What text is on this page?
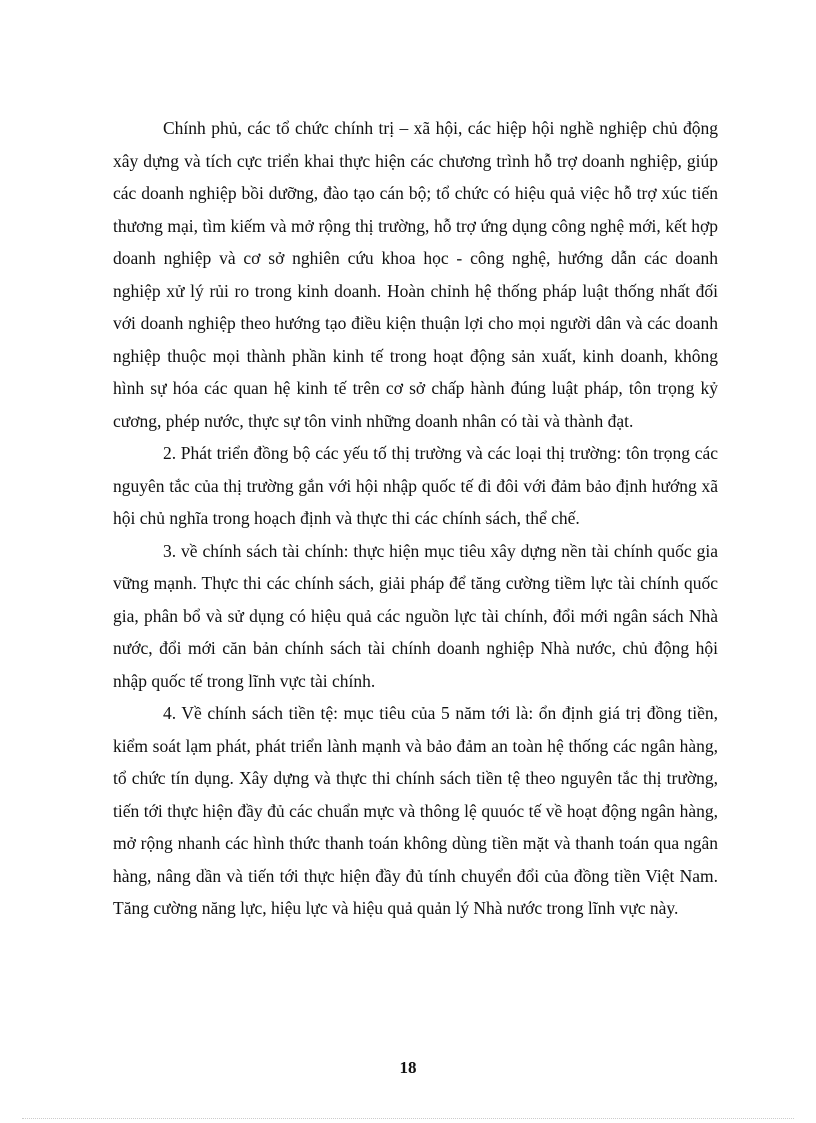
Chính phủ, các tổ chức chính trị – xã hội, các hiệp hội nghề nghiệp chủ động xây dựng và tích cực triển khai thực hiện các chương trình hỗ trợ doanh nghiệp, giúp các doanh nghiệp bồi dưỡng, đào tạo cán bộ; tổ chức có hiệu quả việc hỗ trợ xúc tiến thương mại, tìm kiếm và mở rộng thị trường, hỗ trợ ứng dụng công nghệ mới, kết hợp doanh nghiệp và cơ sở nghiên cứu khoa học - công nghệ, hướng dẫn các doanh nghiệp xử lý rủi ro trong kinh doanh. Hoàn chỉnh hệ thống pháp luật thống nhất đối với doanh nghiệp theo hướng tạo điều kiện thuận lợi cho mọi người dân và các doanh nghiệp thuộc mọi thành phần kinh tế trong hoạt động sản xuất, kinh doanh, không hình sự hóa các quan hệ kinh tế trên cơ sở chấp hành đúng luật pháp, tôn trọng kỷ cương, phép nước, thực sự tôn vinh những doanh nhân có tài và thành đạt.

2. Phát triển đồng bộ các yếu tố thị trường và các loại thị trường: tôn trọng các nguyên tắc của thị trường gắn với hội nhập quốc tế đi đôi với đảm bảo định hướng xã hội chủ nghĩa trong hoạch định và thực thi các chính sách, thể chế.

3. về chính sách tài chính: thực hiện mục tiêu xây dựng nền tài chính quốc gia vững mạnh. Thực thi các chính sách, giải pháp để tăng cường tiềm lực tài chính quốc gia, phân bổ và sử dụng có hiệu quả các nguồn lực tài chính, đổi mới ngân sách Nhà nước, đổi mới căn bản chính sách tài chính doanh nghiệp Nhà nước, chủ động hội nhập quốc tế trong lĩnh vực tài chính.

4. Về chính sách tiền tệ: mục tiêu của 5 năm tới là: ổn định giá trị đồng tiền, kiểm soát lạm phát, phát triển lành mạnh và bảo đảm an toàn hệ thống các ngân hàng, tổ chức tín dụng. Xây dựng và thực thi chính sách tiền tệ theo nguyên tắc thị trường, tiến tới thực hiện đầy đủ các chuẩn mực và thông lệ quuóc tế về hoạt động ngân hàng, mở rộng nhanh các hình thức thanh toán không dùng tiền mặt và thanh toán qua ngân hàng, nâng dần và tiến tới thực hiện đầy đủ tính chuyển đổi của đồng tiền Việt Nam. Tăng cường năng lực, hiệu lực và hiệu quả quản lý Nhà nước trong lĩnh vực này.

18
